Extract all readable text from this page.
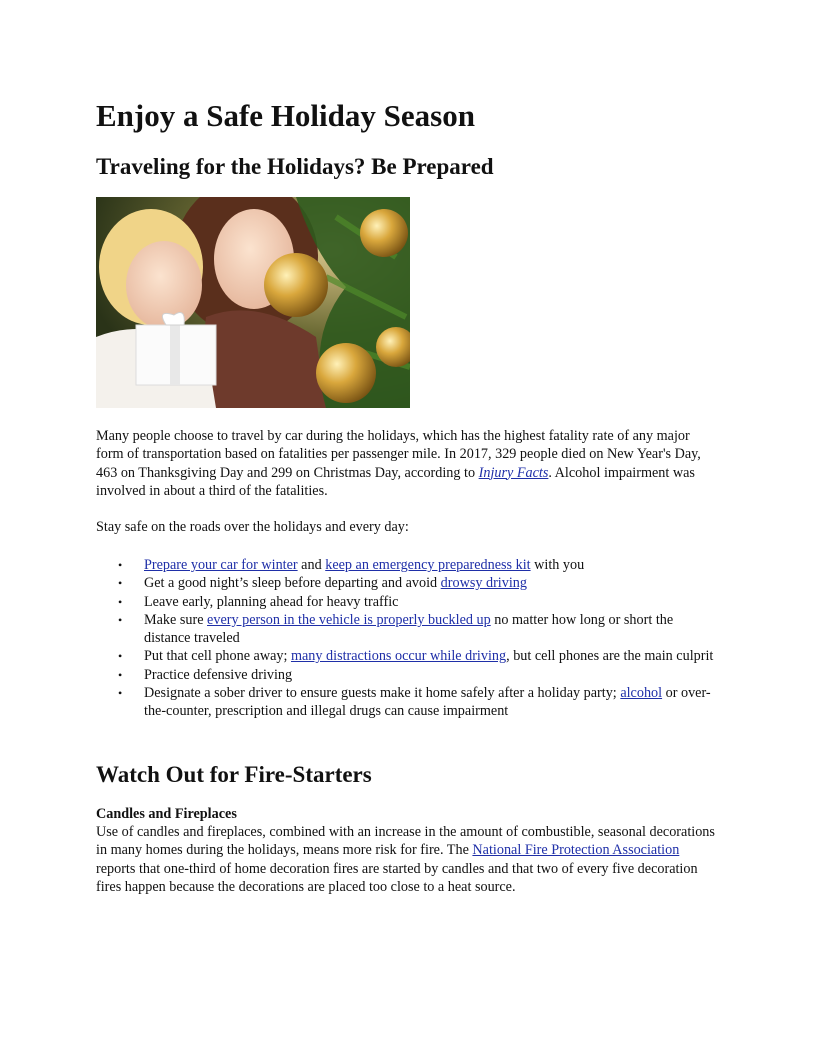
Enjoy a Safe Holiday Season
Traveling for the Holidays? Be Prepared

Many people choose to travel by car during the holidays, which has the highest fatality rate of any major form of transportation based on fatalities per passenger mile. In 2017, 329 people died on New Year's Day, 463 on Thanksgiving Day and 299 on Christmas Day, according to Injury Facts. Alcohol impairment was involved in about a third of the fatalities.

Stay safe on the roads over the holidays and every day:

• Prepare your car for winter and keep an emergency preparedness kit with you
• Get a good night’s sleep before departing and avoid drowsy driving
• Leave early, planning ahead for heavy traffic
• Make sure every person in the vehicle is properly buckled up no matter how long or short the distance traveled
• Put that cell phone away; many distractions occur while driving, but cell phones are the main culprit
• Practice defensive driving
• Designate a sober driver to ensure guests make it home safely after a holiday party; alcohol or over-the-counter, prescription and illegal drugs can cause impairment
Watch Out for Fire-Starters

Candles and Fireplaces

Use of candles and fireplaces, combined with an increase in the amount of combustible, seasonal decorations in many homes during the holidays, means more risk for fire. The National Fire Protection Association reports that one-third of home decoration fires are started by candles and that two of every five decoration fires happen because the decorations are placed too close to a heat source.
